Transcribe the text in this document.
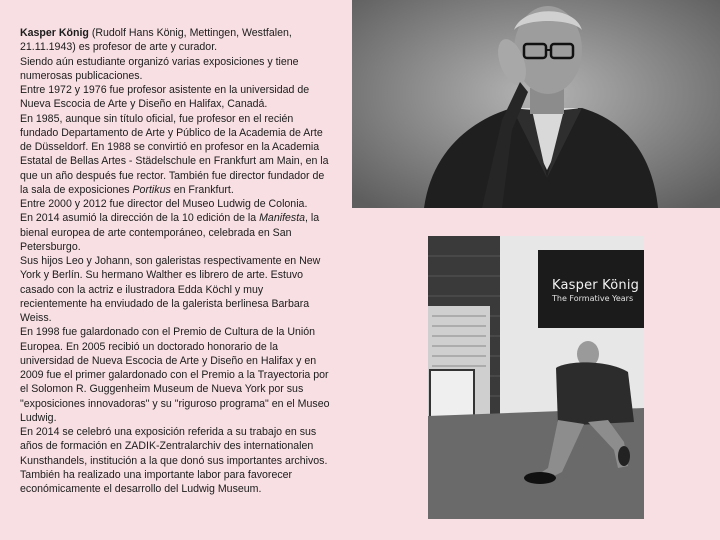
Kasper König (Rudolf Hans König, Mettingen, Westfalen, 21.11.1943) es profesor de arte y curador.

Siendo aún estudiante organizó varias exposiciones y tiene numerosas publicaciones.

Entre 1972 y 1976 fue profesor asistente en la universidad de Nueva Escocia de Arte y Diseño en Halifax, Canadá.

En 1985, aunque sin título oficial, fue profesor en el recién fundado Departamento de Arte y Público de la Academia de Arte de Düsseldorf. En 1988 se convirtió en profesor en la Academia Estatal de Bellas Artes - Städelschule en Frankfurt am Main, en la que un año después fue rector. También fue director fundador de la sala de exposiciones Portikus en Frankfurt.

Entre 2000 y 2012 fue director del Museo Ludwig de Colonia.

En 2014 asumió la dirección de la 10 edición de la Manifesta, la bienal europea de arte contemporáneo, celebrada en San Petersburgo.

Sus hijos Leo y Johann, son galeristas respectivamente en New York y Berlín. Su hermano Walther es librero de arte. Estuvo casado con la actriz e ilustradora Edda Köchl y muy recientemente ha enviudado de la galerista berlinesa Barbara Weiss.

En 1998 fue galardonado con el Premio de Cultura de la Unión Europea. En 2005 recibió un doctorado honorario de la universidad de Nueva Escocia de Arte y Diseño en Halifax y en 2009 fue el primer galardonado con el Premio a la Trayectoria por el Solomon R. Guggenheim Museum de Nueva York por sus "exposiciones innovadoras" y su "riguroso programa" en el Museo Ludwig.

En 2014 se celebró una exposición referida a su trabajo en sus años de formación en ZADIK-Zentralarchiv des internationalen Kunsthandels, institución a la que donó sus importantes archivos. También ha realizado una importante labor para favorecer económicamente el desarrollo del Ludwig Museum.

Kasper König
The Formative Years
